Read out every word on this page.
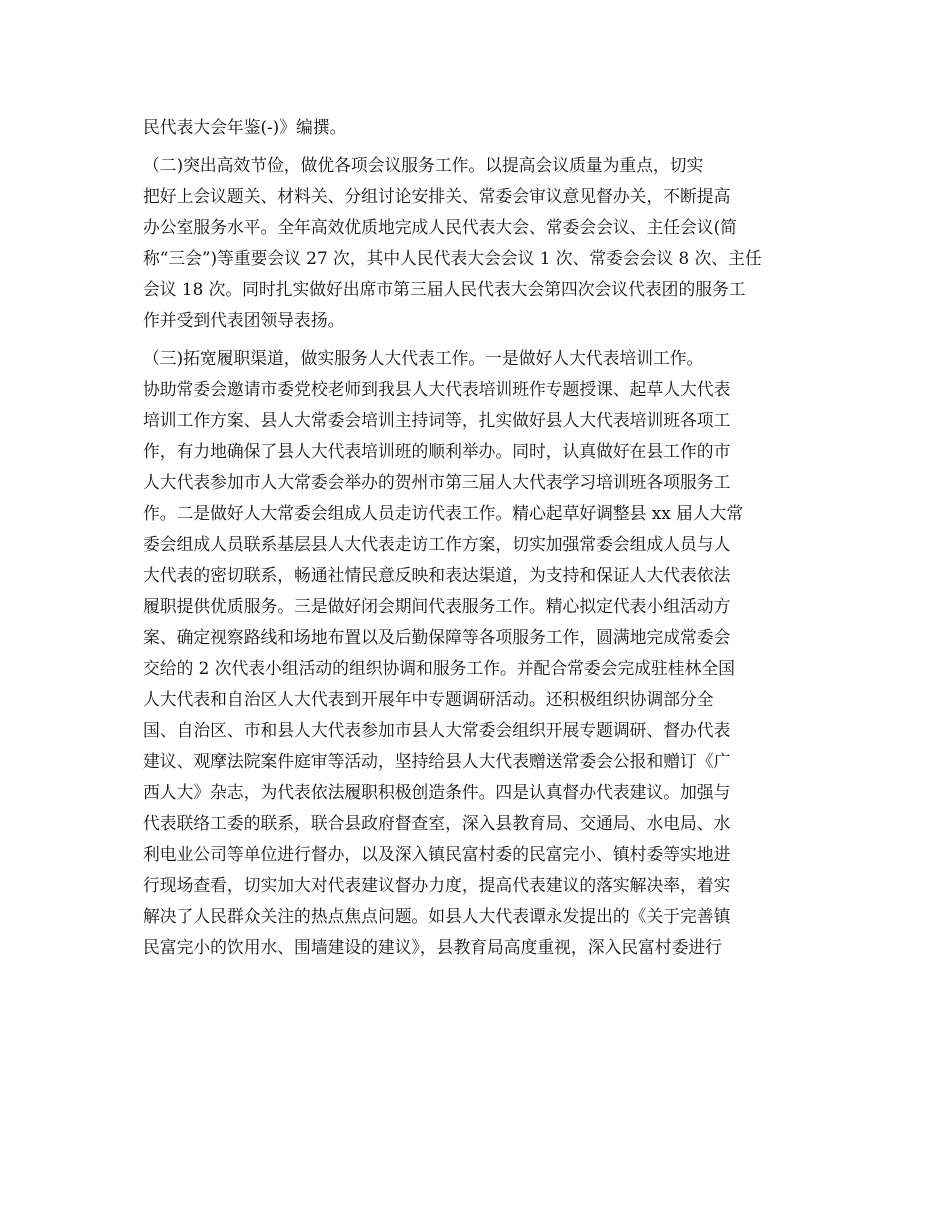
民代表大会年鉴(-)》编撰。
（二)突出高效节俭，做优各项会议服务工作。以提高会议质量为重点，切实
把好上会议题关、材料关、分组讨论安排关、常委会审议意见督办关，不断提高
办公室服务水平。全年高效优质地完成人民代表大会、常委会会议、主任会议(简
称“三会”)等重要会议 27 次，其中人民代表大会会议 1 次、常委会会议 8 次、主任
会议 18 次。同时扎实做好出席市第三届人民代表大会第四次会议代表团的服务工
作并受到代表团领导表扬。
（三)拓宽履职渠道，做实服务人大代表工作。一是做好人大代表培训工作。
协助常委会邀请市委党校老师到我县人大代表培训班作专题授课、起草人大代表
培训工作方案、县人大常委会培训主持词等，扎实做好县人大代表培训班各项工
作，有力地确保了县人大代表培训班的顺利举办。同时，认真做好在县工作的市
人大代表参加市人大常委会举办的贺州市第三届人大代表学习培训班各项服务工
作。二是做好人大常委会组成人员走访代表工作。精心起草好调整县 xx 届人大常
委会组成人员联系基层县人大代表走访工作方案，切实加强常委会组成人员与人
大代表的密切联系，畅通社情民意反映和表达渠道，为支持和保证人大代表依法
履职提供优质服务。三是做好闭会期间代表服务工作。精心拟定代表小组活动方
案、确定视察路线和场地布置以及后勤保障等各项服务工作，圆满地完成常委会
交给的 2 次代表小组活动的组织协调和服务工作。并配合常委会完成驻桂林全国
人大代表和自治区人大代表到开展年中专题调研活动。还积极组织协调部分全
国、自治区、市和县人大代表参加市县人大常委会组织开展专题调研、督办代表
建议、观摩法院案件庭审等活动，坚持给县人大代表赠送常委会公报和赠订《广
西人大》杂志，为代表依法履职积极创造条件。四是认真督办代表建议。加强与
代表联络工委的联系，联合县政府督查室，深入县教育局、交通局、水电局、水
利电业公司等单位进行督办，以及深入镇民富村委的民富完小、镇村委等实地进
行现场查看，切实加大对代表建议督办力度，提高代表建议的落实解决率，着实
解决了人民群众关注的热点焦点问题。如县人大代表谭永发提出的《关于完善镇
民富完小的饮用水、围墙建设的建议》，县教育局高度重视，深入民富村委进行
